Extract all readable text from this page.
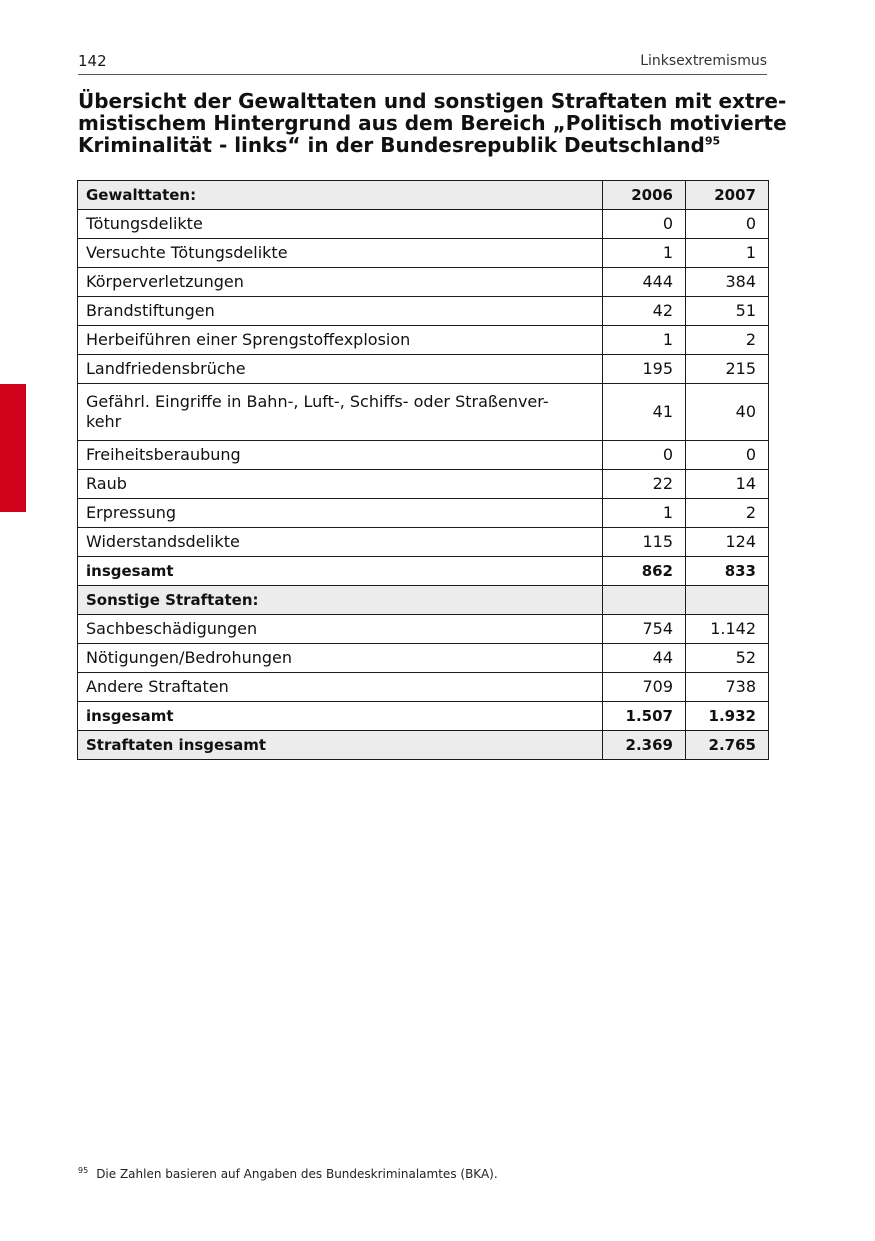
142	Linksextremismus
Übersicht der Gewalttaten und sonstigen Straftaten mit extre-
mistischem Hintergrund aus dem Bereich „Politisch motivierte
Kriminalität - links“ in der Bundesrepublik Deutschland$^{95}$
Gewalttaten:	2006	2007
Tötungsdelikte	0	0
Versuchte Tötungsdelikte	1	1
Körperverletzungen	444	384
Brandstiftungen	42	51
Herbeiführen einer Sprengstoffexplosion	1	2
Landfriedensbrüche	195	215
Gefährl. Eingriffe in Bahn-, Luft-, Schiffs- oder Straßenver-
kehr	41	40
Freiheitsberaubung	0	0
Raub	22	14
Erpressung	1	2
Widerstandsdelikte	115	124
insgesamt	862	833
Sonstige Straftaten:		
Sachbeschädigungen	754	1.142
Nötigungen/Bedrohungen	44	52
Andere Straftaten	709	738
insgesamt	1.507	1.932
Straftaten insgesamt	2.369	2.765
$^{95}$ Die Zahlen basieren auf Angaben des Bundeskriminalamtes (BKA).
